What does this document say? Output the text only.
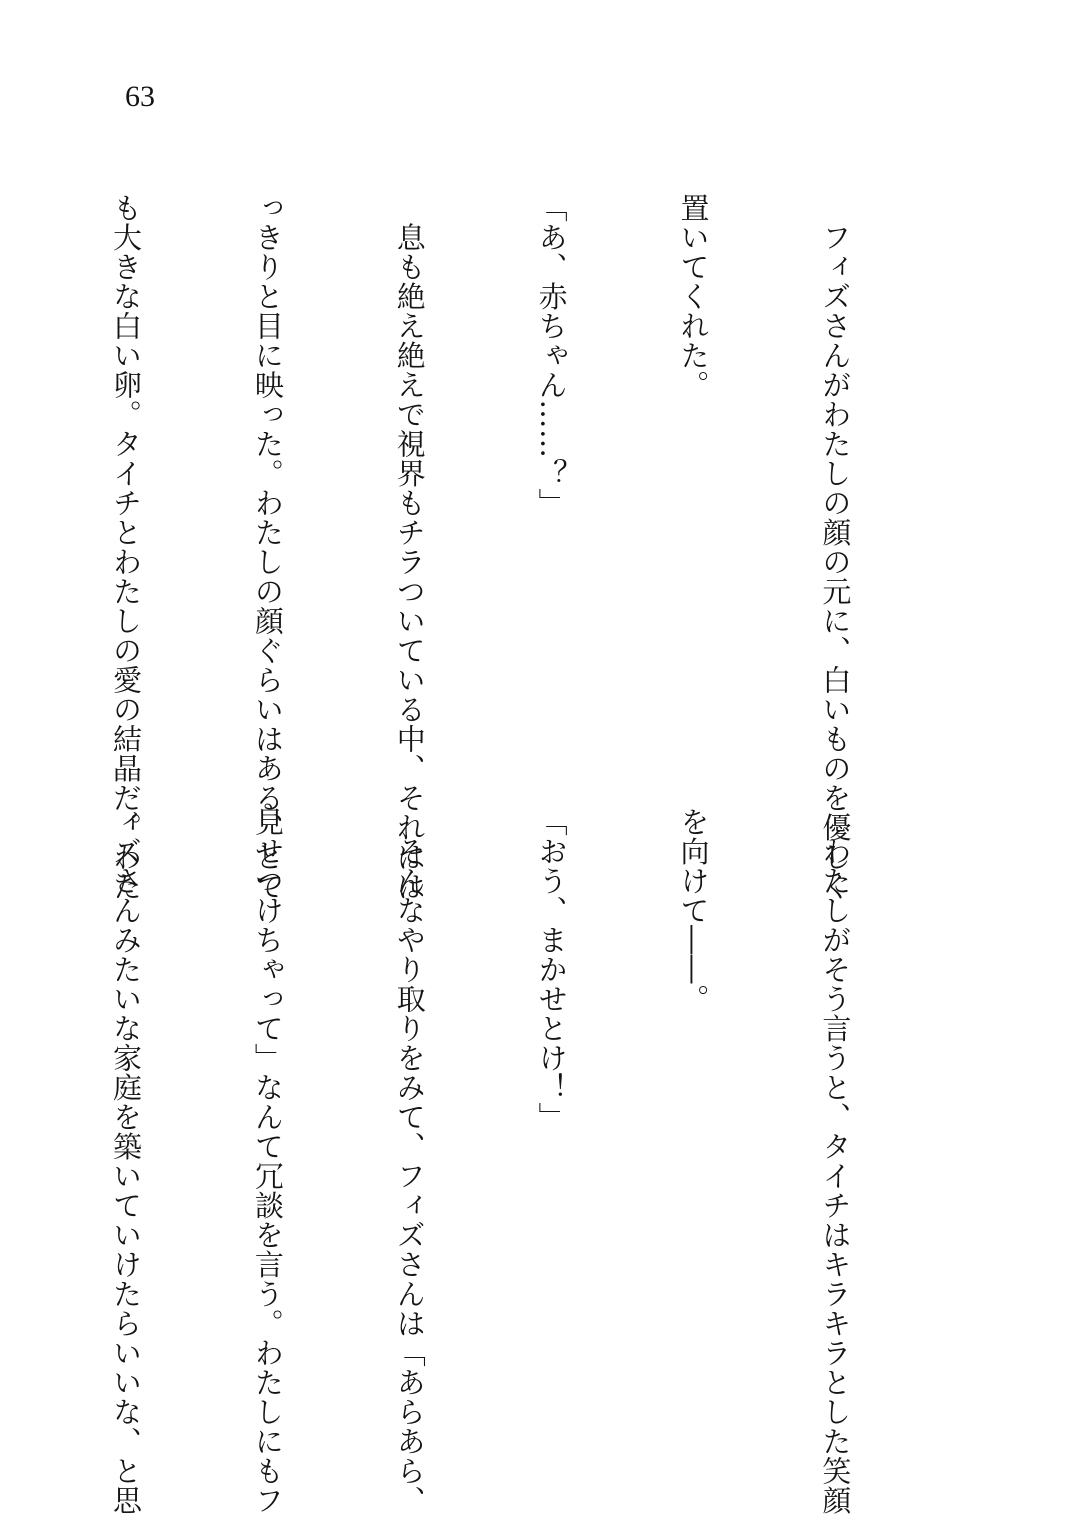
63

　フィズさんがわたしの顔の元に、白いものを優しく

置いてくれた。

「あ、赤ちゃん……？」

　息も絶え絶えで視界もチラついている中、それはは

っきりと目に映った。わたしの顔ぐらいはある、とて

も大きな白い卵。タイチとわたしの愛の結晶だ。わた

　わたしがそう言うと、タイチはキラキラとした笑顔

を向けて――。

「おう、まかせとけ！」

　そんなやり取りをみて、フィズさんは「あらあら、

見せつけちゃって」なんて冗談を言う。わたしにもフ

ィズさんみたいな家庭を築いていけたらいいな、と思
